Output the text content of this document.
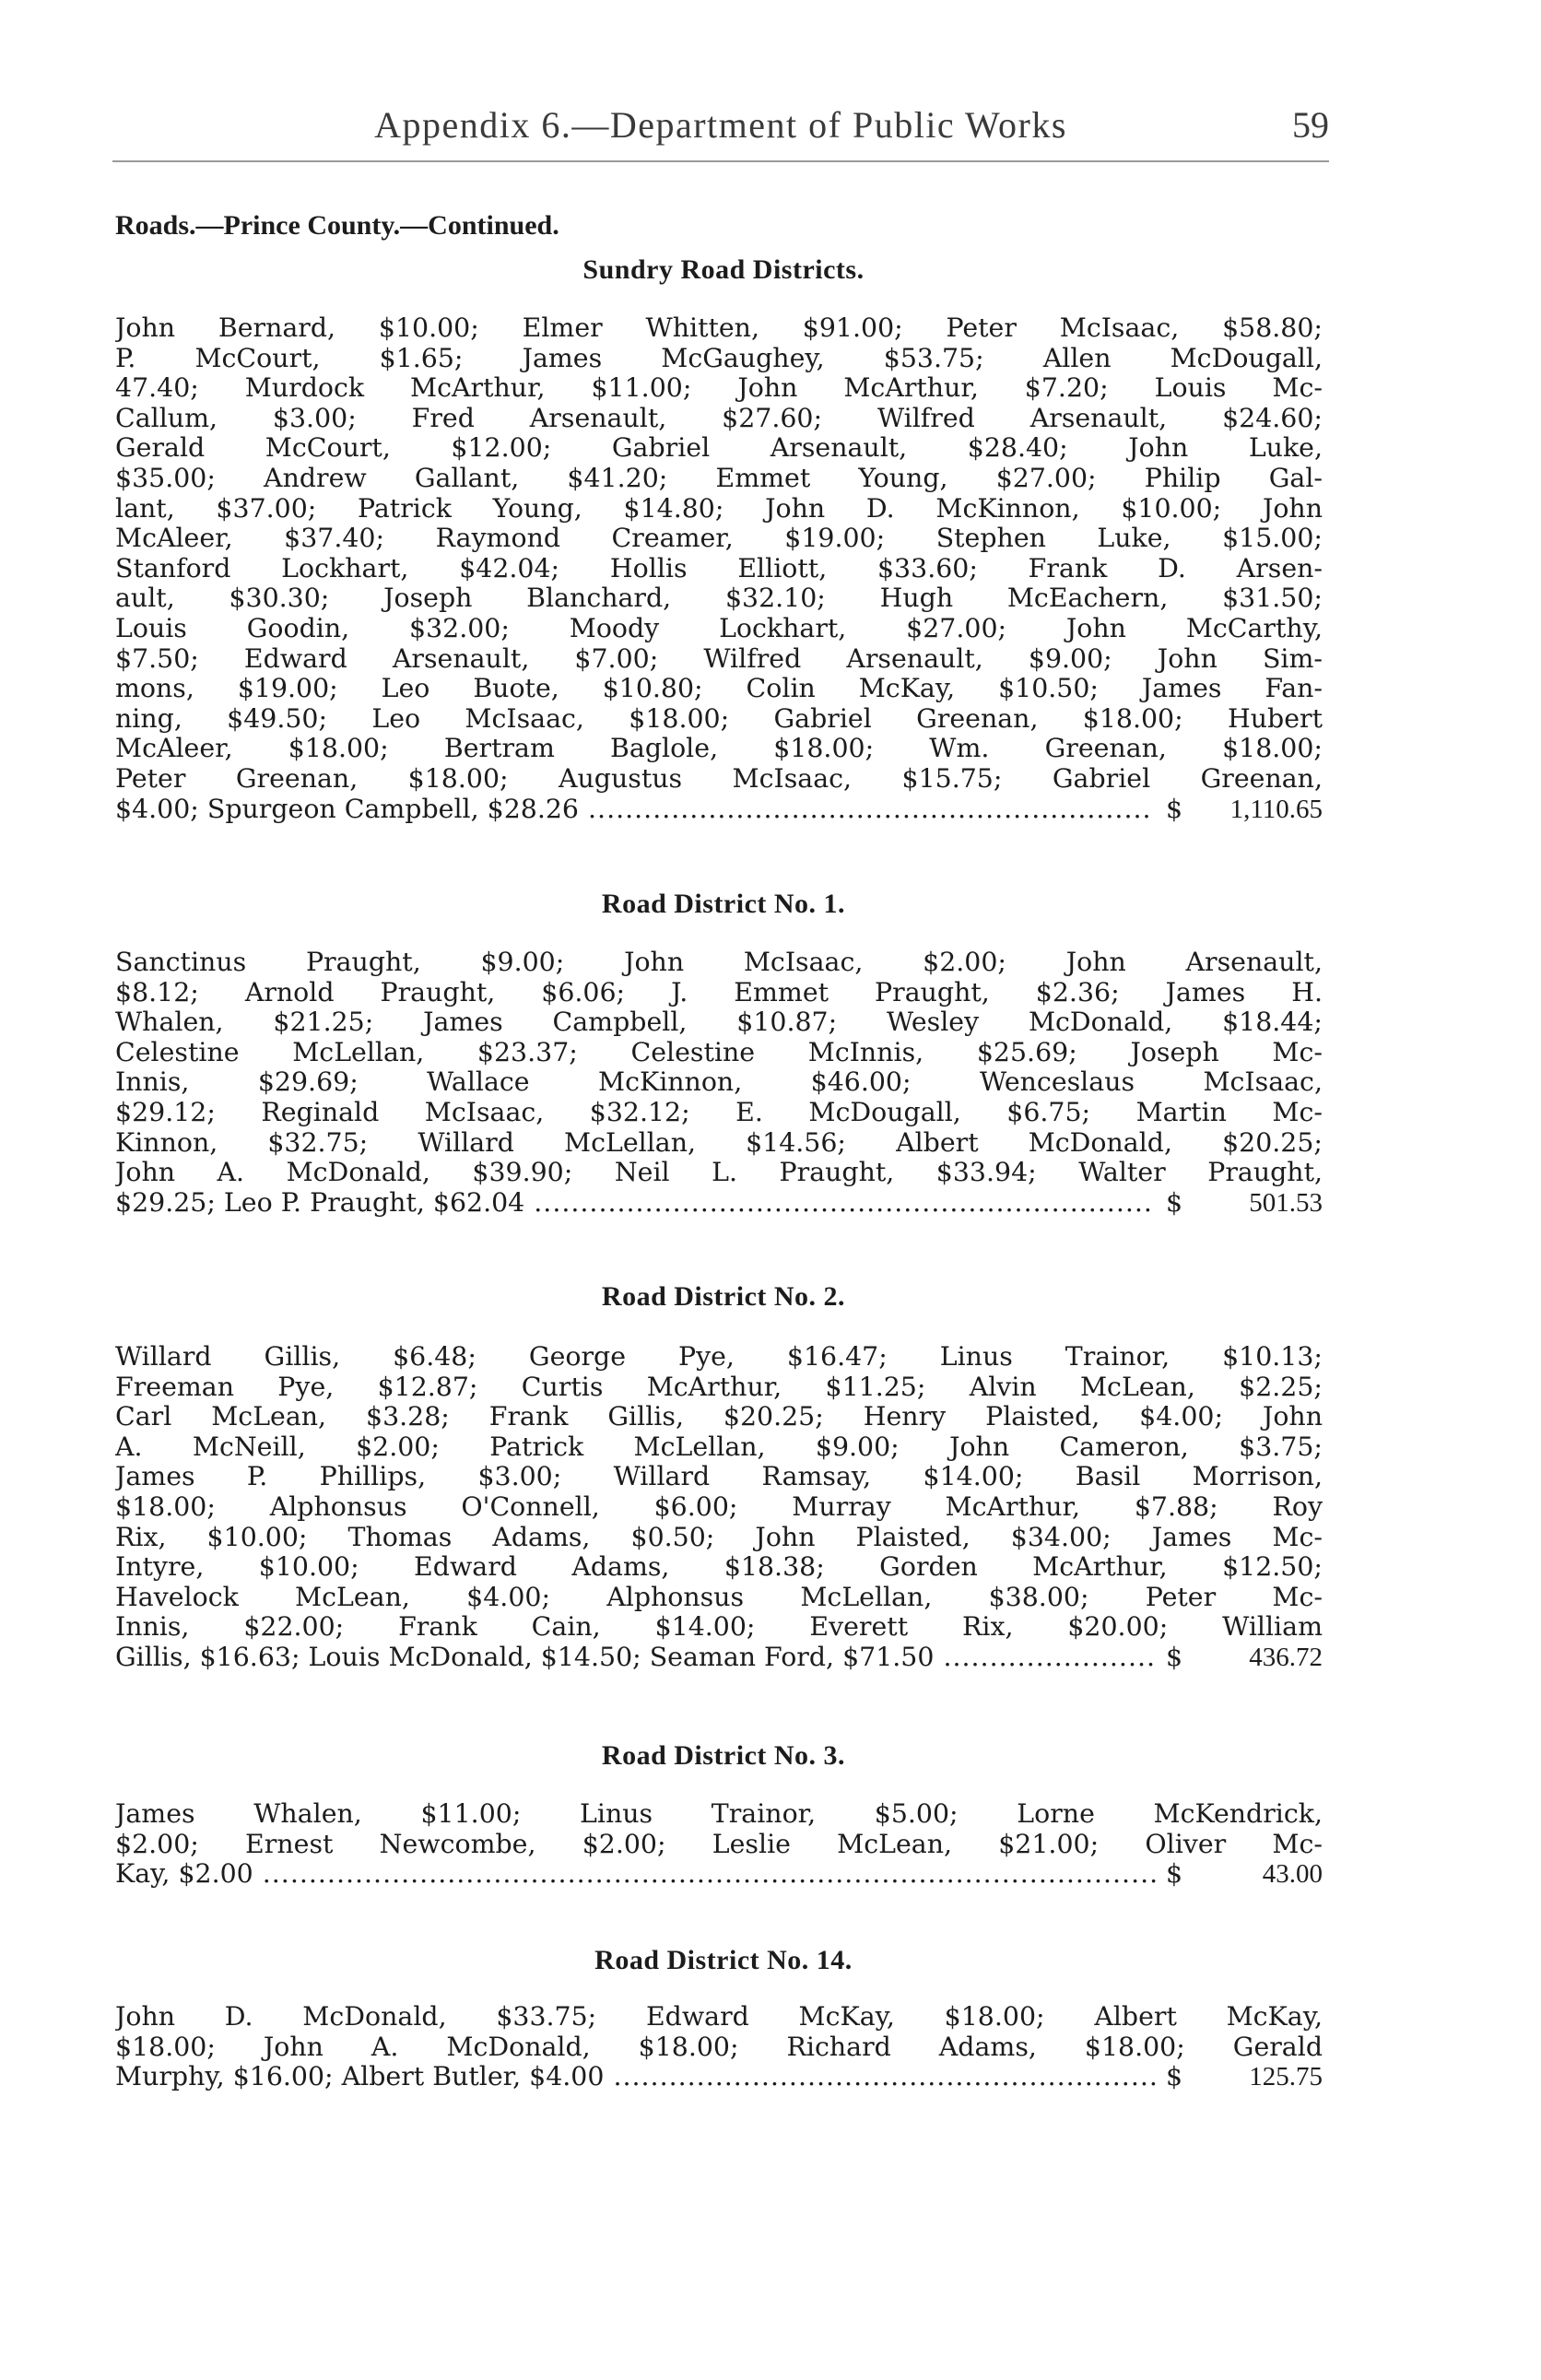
Appendix 6.—Department of Public Works	59
Roads.—Prince County.—Continued.
Sundry Road Districts.
John Bernard, $10.00; Elmer Whitten, $91.00; Peter McIsaac, $58.80;
P. McCourt, $1.65; James McGaughey, $53.75; Allen McDougall,
47.40; Murdock McArthur, $11.00; John McArthur, $7.20; Louis Mc-
Callum, $3.00; Fred Arsenault, $27.60; Wilfred Arsenault, $24.60;
Gerald McCourt, $12.00; Gabriel Arsenault, $28.40; John Luke,
$35.00; Andrew Gallant, $41.20; Emmet Young, $27.00; Philip Gal-
lant, $37.00; Patrick Young, $14.80; John D. McKinnon, $10.00; John
McAleer, $37.40; Raymond Creamer, $19.00; Stephen Luke, $15.00;
Stanford Lockhart, $42.04; Hollis Elliott, $33.60; Frank D. Arsen-
ault, $30.30; Joseph Blanchard, $32.10; Hugh McEachern, $31.50;
Louis Goodin, $32.00; Moody Lockhart, $27.00; John McCarthy,
$7.50; Edward Arsenault, $7.00; Wilfred Arsenault, $9.00; John Sim-
mons, $19.00; Leo Buote, $10.80; Colin McKay, $10.50; James Fan-
ning, $49.50; Leo McIsaac, $18.00; Gabriel Greenan, $18.00; Hubert
McAleer, $18.00; Bertram Baglole, $18.00; Wm. Greenan, $18.00;
Peter Greenan, $18.00; Augustus McIsaac, $15.75; Gabriel Greenan,
$4.00; Spurgeon Campbell, $28.26 ............................................................. $ 1,110.65
Road District No. 1.
Sanctinus Praught, $9.00; John McIsaac, $2.00; John Arsenault,
$8.12; Arnold Praught, $6.06; J. Emmet Praught, $2.36; James H.
Whalen, $21.25; James Campbell, $10.87; Wesley McDonald, $18.44;
Celestine McLellan, $23.37; Celestine McInnis, $25.69; Joseph Mc-
Innis, $29.69; Wallace McKinnon, $46.00; Wenceslaus McIsaac,
$29.12; Reginald McIsaac, $32.12; E. McDougall, $6.75; Martin Mc-
Kinnon, $32.75; Willard McLellan, $14.56; Albert McDonald, $20.25;
John A. McDonald, $39.90; Neil L. Praught, $33.94; Walter Praught,
$29.25; Leo P. Praught, $62.04 ................................................................... $ 501.53
Road District No. 2.
Willard Gillis, $6.48; George Pye, $16.47; Linus Trainor, $10.13;
Freeman Pye, $12.87; Curtis McArthur, $11.25; Alvin McLean, $2.25;
Carl McLean, $3.28; Frank Gillis, $20.25; Henry Plaisted, $4.00; John
A. McNeill, $2.00; Patrick McLellan, $9.00; John Cameron, $3.75;
James P. Phillips, $3.00; Willard Ramsay, $14.00; Basil Morrison,
$18.00; Alphonsus O'Connell, $6.00; Murray McArthur, $7.88; Roy
Rix, $10.00; Thomas Adams, $0.50; John Plaisted, $34.00; James Mc-
Intyre, $10.00; Edward Adams, $18.38; Gorden McArthur, $12.50;
Havelock McLean, $4.00; Alphonsus McLellan, $38.00; Peter Mc-
Innis, $22.00; Frank Cain, $14.00; Everett Rix, $20.00; William
Gillis, $16.63; Louis McDonald, $14.50; Seaman Ford, $71.50 ....................... $ 436.72
Road District No. 3.
James Whalen, $11.00; Linus Trainor, $5.00; Lorne McKendrick,
$2.00; Ernest Newcombe, $2.00; Leslie McLean, $21.00; Oliver Mc-
Kay, $2.00 ................................................................................................. $	43.00
Road District No. 14.
John D. McDonald, $33.75; Edward McKay, $18.00; Albert McKay,
$18.00; John A. McDonald, $18.00; Richard Adams, $18.00; Gerald
Murphy, $16.00; Albert Butler, $4.00 ........................................................... $ 125.75
